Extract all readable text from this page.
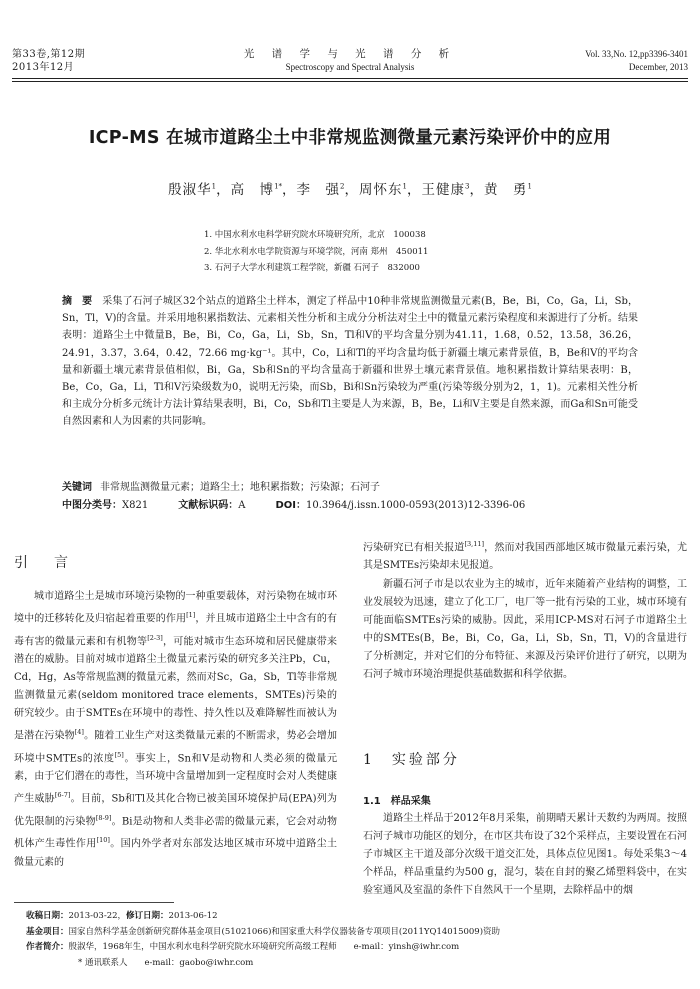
第33卷,第12期
2013年12月
光 谱 学 与 光 谱 分 析
Spectroscopy and Spectral Analysis
Vol. 33,No. 12,pp3396-3401
December, 2013
ICP-MS 在城市道路尘土中非常规监测微量元素污染评价中的应用
殷淑华$^1$，高　博$^{1*}$，李　强$^2$，周怀东$^1$，王健康$^3$，黄　勇$^1$
1. 中国水利水电科学研究院水环境研究所，北京　100038
2. 华北水利水电学院资源与环境学院，河南 郑州　450011
3. 石河子大学水利建筑工程学院，新疆 石河子　832000
摘　要 采集了石河子城区32个站点的道路尘土样本，测定了样品中10种非常规监测微量元素(B，Be，Bi，Co，Ga，Li，Sb，Sn，Tl，V)的含量。并采用地积累指数法、元素相关性分析和主成分分析法对尘土中的微量元素污染程度和来源进行了分析。结果表明：道路尘土中微量B，Be，Bi，Co，Ga，Li，Sb，Sn，Tl和V的平均含量分别为41.11，1.68，0.52，13.58，36.26，24.91，3.37，3.64，0.42，72.66 mg·kg⁻¹。其中，Co，Li和Tl的平均含量均低于新疆土壤元素背景值，B，Be和V的平均含量和新疆土壤元素背景值相似，Bi，Ga，Sb和Sn的平均含量高于新疆和世界土壤元素背景值。地积累指数计算结果表明：B，Be，Co，Ga，Li，Tl和V污染级数为0，说明无污染，而Sb，Bi和Sn污染较为严重(污染等级分别为2，1，1)。元素相关性分析和主成分分析多元统计方法计算结果表明，Bi，Co，Sb和Tl主要是人为来源，B，Be，Li和V主要是自然来源，而Ga和Sn可能受自然因素和人为因素的共同影响。
关键词 非常规监测微量元素；道路尘土；地积累指数；污染源；石河子
中图分类号：X821	文献标识码：A	DOI：10.3964/j.issn.1000-0593(2013)12-3396-06
引　言

城市道路尘土是城市环境污染物的一种重要载体，对污染物在城市环境中的迁移转化及归宿起着重要的作用[1]，并且城市道路尘土中含有的有毒有害的微量元素和有机物等[2-3]，可能对城市生态环境和居民健康带来潜在的威胁。目前对城市道路尘土微量元素污染的研究多关注Pb，Cu，Cd，Hg，As等常规监测的微量元素，然而对Sc，Ga，Sb，Tl等非常规监测微量元素(seldom monitored trace elements，SMTEs)污染的研究较少。由于SMTEs在环境中的毒性、持久性以及难降解性而被认为是潜在污染物[4]。随着工业生产对这类微量元素的不断需求，势必会增加环境中SMTEs的浓度[5]。事实上，Sn和V是动物和人类必须的微量元素，由于它们潜在的毒性，当环境中含量增加到一定程度时会对人类健康产生威胁[6-7]。目前，Sb和Tl及其化合物已被美国环境保护局(EPA)列为优先限制的污染物[8-9]。Bi是动物和人类非必需的微量元素，它会对动物机体产生毒性作用[10]。国内外学者对东部发达地区城市环境中道路尘土微量元素的

污染研究已有相关报道[3,11]，然而对我国西部地区城市微量元素污染，尤其是SMTEs污染却未见报道。

新疆石河子市是以农业为主的城市，近年来随着产业结构的调整，工业发展较为迅速，建立了化工厂，电厂等一批有污染的工业，城市环境有可能面临SMTEs污染的威胁。因此，采用ICP-MS对石河子市道路尘土中的SMTEs(B，Be，Bi，Co，Ga，Li，Sb，Sn，Tl，V)的含量进行了分析测定，并对它们的分布特征、来源及污染评价进行了研究，以期为石河子城市环境治理提供基础数据和科学依据。

1　实验部分
1.1　样品采集

道路尘土样品于2012年8月采集，前期晴天累计天数约为两周。按照石河子城市功能区的划分，在市区共布设了32个采样点，主要设置在石河子市城区主干道及部分次级干道交汇处，具体点位见图1。每处采集3～4个样品，样品重量约为500 g，混匀，装在自封的聚乙烯塑料袋中，在实验室通风及室温的条件下自然风干一个星期，去除样品中的烟

收稿日期：2013-03-22，修订日期：2013-06-12
基金项目：国家自然科学基金创新研究群体基金项目(51021066)和国家重大科学仪器装备专项项目(2011YQ14015009)资助
作者简介：殷淑华，1968年生，中国水利水电科学研究院水环境研究所高级工程师　　e-mail：yinsh@iwhr.com
* 通讯联系人　　e-mail：gaobo@iwhr.com
